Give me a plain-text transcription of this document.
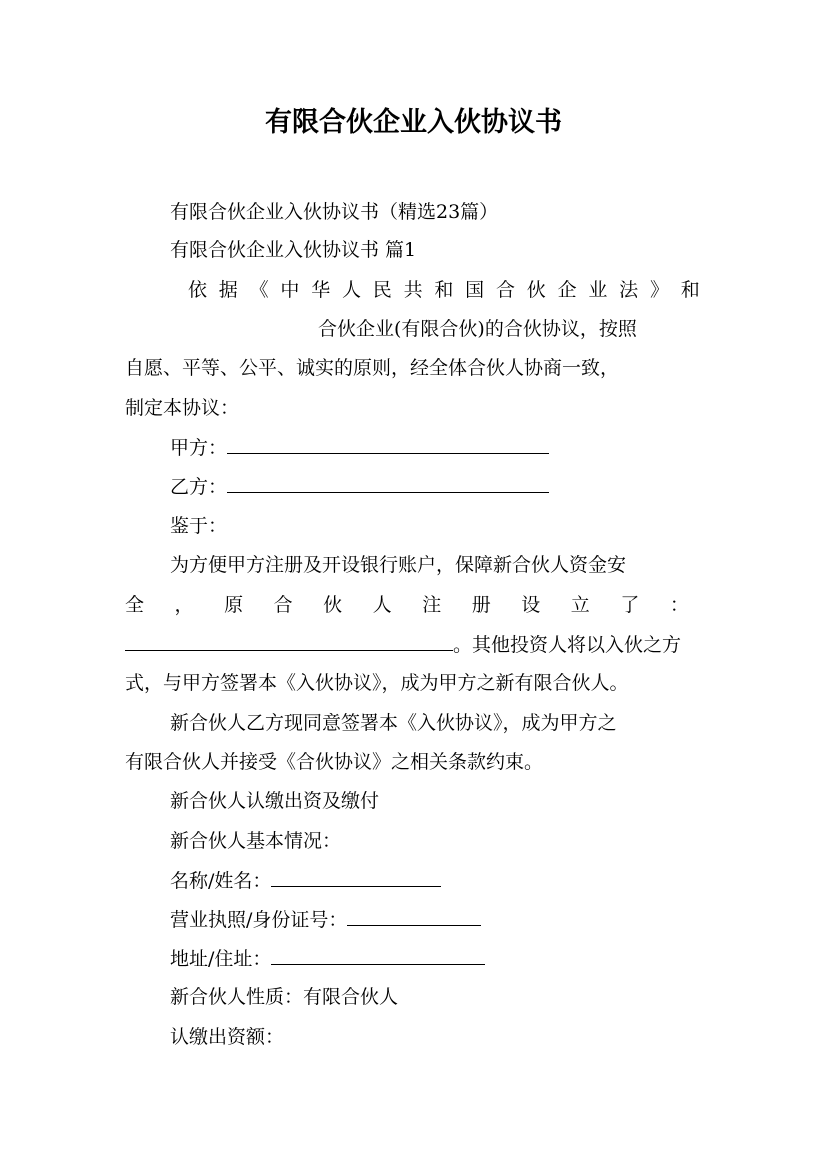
有限合伙企业入伙协议书
有限合伙企业入伙协议书（精选23篇）
有限合伙企业入伙协议书 篇1
依 据 《 中 华 人 民 共 和 国 合 伙 企 业 法 》 和
合伙企业(有限合伙)的合伙协议，按照
自愿、平等、公平、诚实的原则，经全体合伙人协商一致，
制定本协议：
甲方：
乙方：
鉴于：
为方便甲方注册及开设银行账户，保障新合伙人资金安
全 ， 原 合 伙 人 注 册 设 立 了 ：
。其他投资人将以入伙之方
式，与甲方签署本《入伙协议》，成为甲方之新有限合伙人。
新合伙人乙方现同意签署本《入伙协议》，成为甲方之
有限合伙人并接受《合伙协议》之相关条款约束。
新合伙人认缴出资及缴付
新合伙人基本情况：
名称/姓名：
营业执照/身份证号：
地址/住址：
新合伙人性质：有限合伙人
认缴出资额：
